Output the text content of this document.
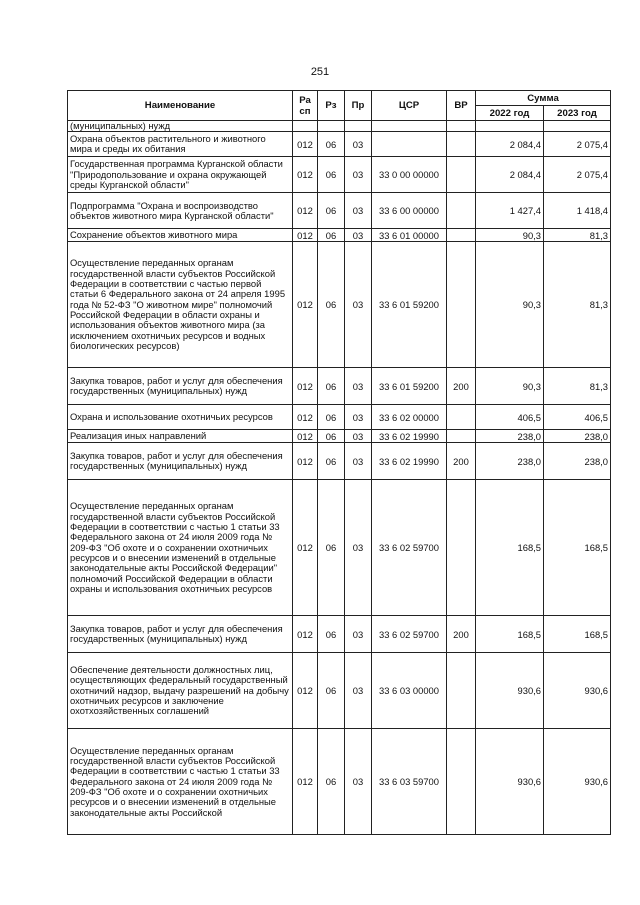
251
Наименование	Ра сп	Рз	Пр	ЦСР	ВР	Сумма	
						2022 год	2023 год
(муниципальных) нужд							
Охрана объектов растительного и животного мира и среды их обитания	012	06	03			2 084,4	2 075,4
Государственная программа Курганской области "Природопользование и охрана окружающей среды Курганской области"	012	06	03	33 0 00 00000		2 084,4	2 075,4
Подпрограмма "Охрана и воспроизводство объектов животного мира Курганской области"	012	06	03	33 6 00 00000		1 427,4	1 418,4
Сохранение объектов животного мира	012	06	03	33 6 01 00000		90,3	81,3
Осуществление переданных органам государственной власти субъектов Российской Федерации в соответствии с частью первой статьи 6 Федерального закона от 24 апреля 1995 года № 52-ФЗ "О животном мире" полномочий Российской Федерации в области охраны и использования объектов животного мира (за исключением охотничьих ресурсов и водных биологических ресурсов)	012	06	03	33 6 01 59200		90,3	81,3
Закупка товаров, работ и услуг для обеспечения государственных (муниципальных) нужд	012	06	03	33 6 01 59200	200	90,3	81,3
Охрана и использование охотничьих ресурсов	012	06	03	33 6 02 00000		406,5	406,5
Реализация иных направлений	012	06	03	33 6 02 19990		238,0	238,0
Закупка товаров, работ и услуг для обеспечения государственных (муниципальных) нужд	012	06	03	33 6 02 19990	200	238,0	238,0
Осуществление переданных органам государственной власти субъектов Российской Федерации в соответствии с частью 1 статьи 33 Федерального закона от 24 июля 2009 года № 209-ФЗ "Об охоте и о сохранении охотничьих ресурсов и о внесении изменений в отдельные законодательные акты Российской Федерации" полномочий Российской Федерации в области охраны и использования охотничьих ресурсов	012	06	03	33 6 02 59700		168,5	168,5
Закупка товаров, работ и услуг для обеспечения государственных (муниципальных) нужд	012	06	03	33 6 02 59700	200	168,5	168,5
Обеспечение деятельности должностных лиц, осуществляющих федеральный государственный охотничий надзор, выдачу разрешений на добычу охотничьих ресурсов и заключение охотхозяйственных соглашений	012	06	03	33 6 03 00000		930,6	930,6
Осуществление переданных органам государственной власти субъектов Российской Федерации в соответствии с частью 1 статьи 33 Федерального закона от 24 июля 2009 года № 209-ФЗ "Об охоте и о сохранении охотничьих ресурсов и о внесении изменений в отдельные законодательные акты Российской	012	06	03	33 6 03 59700		930,6	930,6
